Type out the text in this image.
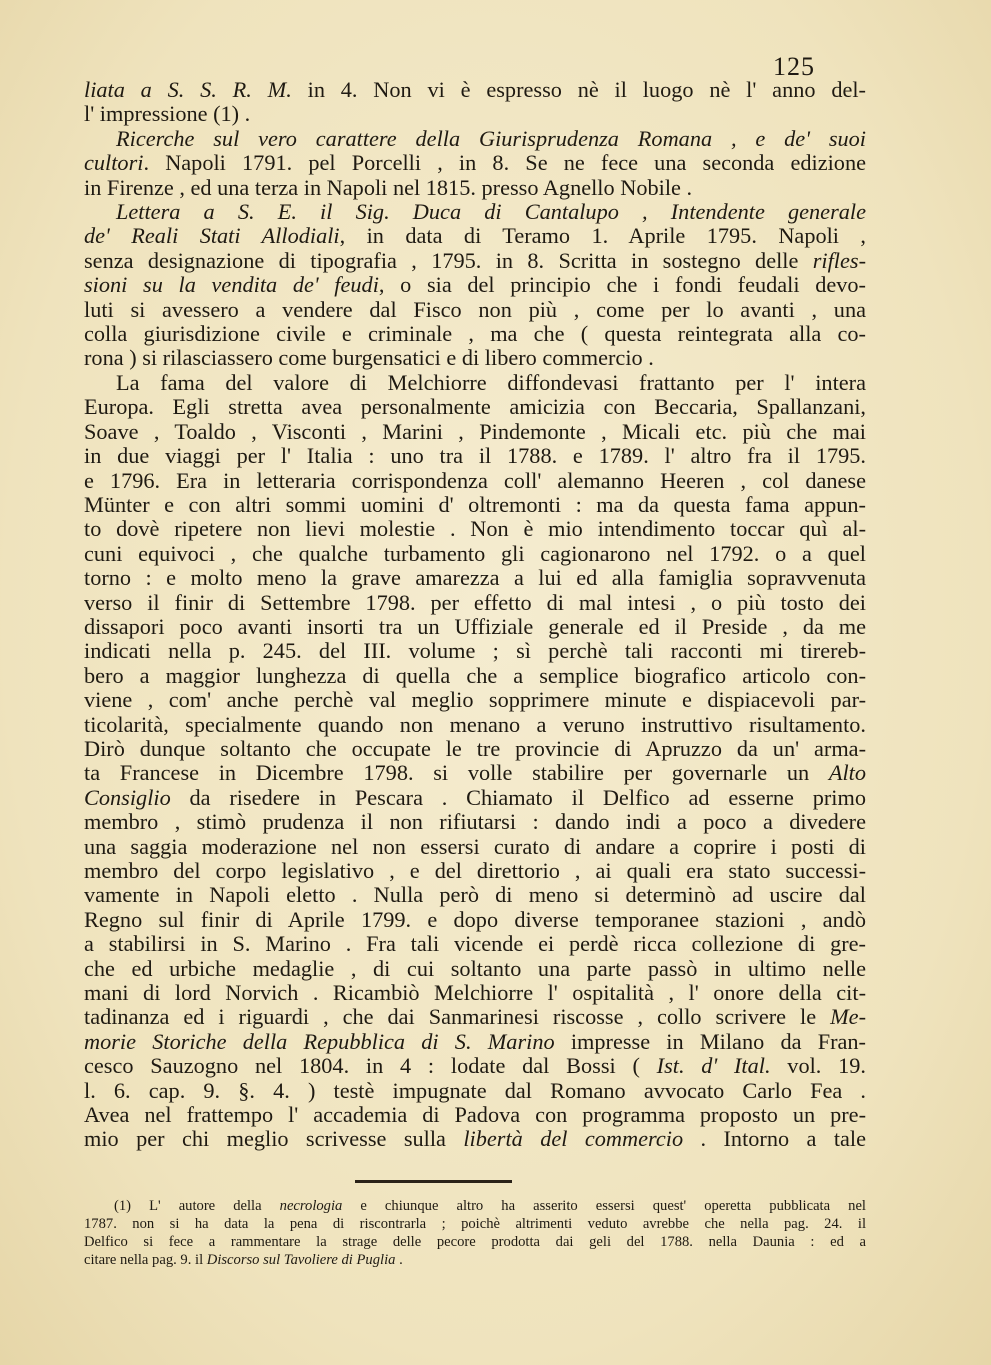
125
liata a S. S. R. M. in 4. Non vi è espresso nè il luogo nè l' anno del-
l' impressione (1) .
Ricerche sul vero carattere della Giurisprudenza Romana , e de' suoi
cultori. Napoli 1791. pel Porcelli , in 8. Se ne fece una seconda edizione
in Firenze , ed una terza in Napoli nel 1815. presso Agnello Nobile .
Lettera a S. E. il Sig. Duca di Cantalupo , Intendente generale
de' Reali Stati Allodiali, in data di Teramo 1. Aprile 1795. Napoli ,
senza designazione di tipografia , 1795. in 8. Scritta in sostegno delle rifles-
sioni su la vendita de' feudi, o sia del principio che i fondi feudali devo-
luti si avessero a vendere dal Fisco non più , come per lo avanti , una
colla giurisdizione civile e criminale , ma che ( questa reintegrata alla co-
rona ) si rilasciassero come burgensatici e di libero commercio .
La fama del valore di Melchiorre diffondevasi frattanto per l' intera
Europa. Egli stretta avea personalmente amicizia con Beccaria, Spallanzani,
Soave , Toaldo , Visconti , Marini , Pindemonte , Micali etc. più che mai
in due viaggi per l' Italia : uno tra il 1788. e 1789. l' altro fra il 1795.
e 1796. Era in letteraria corrispondenza coll' alemanno Heeren , col danese
Münter e con altri sommi uomini d' oltremonti : ma da questa fama appun-
to dovè ripetere non lievi molestie . Non è mio intendimento toccar quì al-
cuni equivoci , che qualche turbamento gli cagionarono nel 1792. o a quel
torno : e molto meno la grave amarezza a lui ed alla famiglia sopravvenuta
verso il finir di Settembre 1798. per effetto di mal intesi , o più tosto dei
dissapori poco avanti insorti tra un Uffiziale generale ed il Preside , da me
indicati nella p. 245. del III. volume ; sì perchè tali racconti mi tirereb-
bero a maggior lunghezza di quella che a semplice biografico articolo con-
viene , com' anche perchè val meglio sopprimere minute e dispiacevoli par-
ticolarità, specialmente quando non menano a veruno instruttivo risultamento.
Dirò dunque soltanto che occupate le tre provincie di Apruzzo da un' arma-
ta Francese in Dicembre 1798. si volle stabilire per governarle un Alto
Consiglio da risedere in Pescara . Chiamato il Delfico ad esserne primo
membro , stimò prudenza il non rifiutarsi : dando indi a poco a divedere
una saggia moderazione nel non essersi curato di andare a coprire i posti di
membro del corpo legislativo , e del direttorio , ai quali era stato successi-
vamente in Napoli eletto . Nulla però di meno si determinò ad uscire dal
Regno sul finir di Aprile 1799. e dopo diverse temporanee stazioni , andò
a stabilirsi in S. Marino . Fra tali vicende ei perdè ricca collezione di gre-
che ed urbiche medaglie , di cui soltanto una parte passò in ultimo nelle
mani di lord Norvich . Ricambiò Melchiorre l' ospitalità , l' onore della cit-
tadinanza ed i riguardi , che dai Sanmarinesi riscosse , collo scrivere le Me-
morie Storiche della Repubblica di S. Marino impresse in Milano da Fran-
cesco Sauzogno nel 1804. in 4 : lodate dal Bossi ( Ist. d' Ital. vol. 19.
l. 6. cap. 9. §. 4. ) testè impugnate dal Romano avvocato Carlo Fea .
Avea nel frattempo l' accademia di Padova con programma proposto un pre-
mio per chi meglio scrivesse sulla libertà del commercio . Intorno a tale
(1) L' autore della necrologia e chiunque altro ha asserito essersi quest' operetta pubblicata nel
1787. non si ha data la pena di riscontrarla ; poichè altrimenti veduto avrebbe che nella pag. 24. il
Delfico si fece a rammentare la strage delle pecore prodotta dai geli del 1788. nella Daunia : ed a
citare nella pag. 9. il Discorso sul Tavoliere di Puglia .
